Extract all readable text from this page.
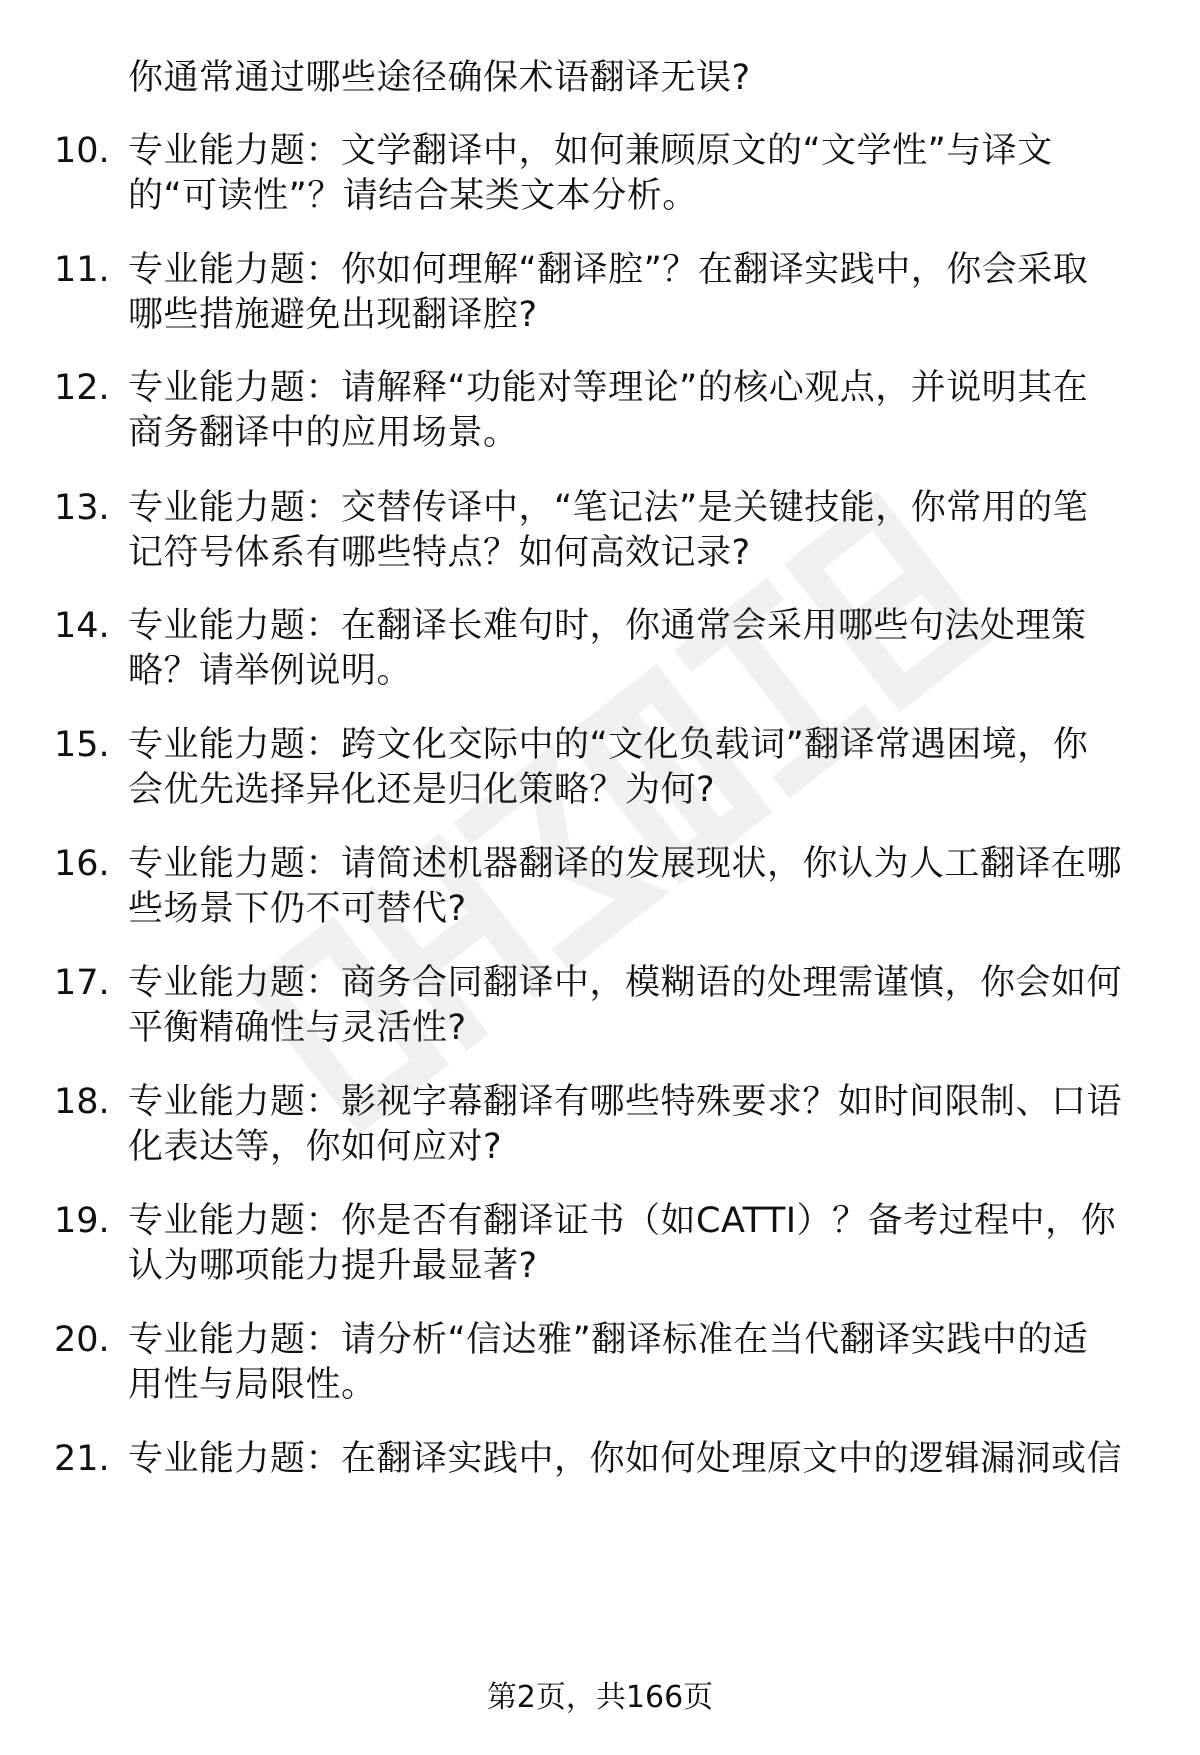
你通常通过哪些途径确保术语翻译无误?
10. 专业能力题：文学翻译中，如何兼顾原文的“文学性”与译文
的“可读性”？请结合某类文本分析。
11. 专业能力题：你如何理解“翻译腔”？在翻译实践中，你会采取
哪些措施避免出现翻译腔?
12. 专业能力题：请解释“功能对等理论”的核心观点，并说明其在
商务翻译中的应用场景。
13. 专业能力题：交替传译中，“笔记法”是关键技能，你常用的笔
记符号体系有哪些特点？如何高效记录?
14. 专业能力题：在翻译长难句时，你通常会采用哪些句法处理策
略？请举例说明。
15. 专业能力题：跨文化交际中的“文化负载词”翻译常遇困境，你
会优先选择异化还是归化策略？为何?
16. 专业能力题：请简述机器翻译的发展现状，你认为人工翻译在哪
些场景下仍不可替代?
17. 专业能力题：商务合同翻译中，模糊语的处理需谨慎，你会如何
平衡精确性与灵活性?
18. 专业能力题：影视字幕翻译有哪些特殊要求？如时间限制、口语
化表达等，你如何应对?
19. 专业能力题：你是否有翻译证书（如CATTI）？备考过程中，你
认为哪项能力提升最显著?
20. 专业能力题：请分析“信达雅”翻译标准在当代翻译实践中的适
用性与局限性。
21. 专业能力题：在翻译实践中，你如何处理原文中的逻辑漏洞或信
第2页，共166页
